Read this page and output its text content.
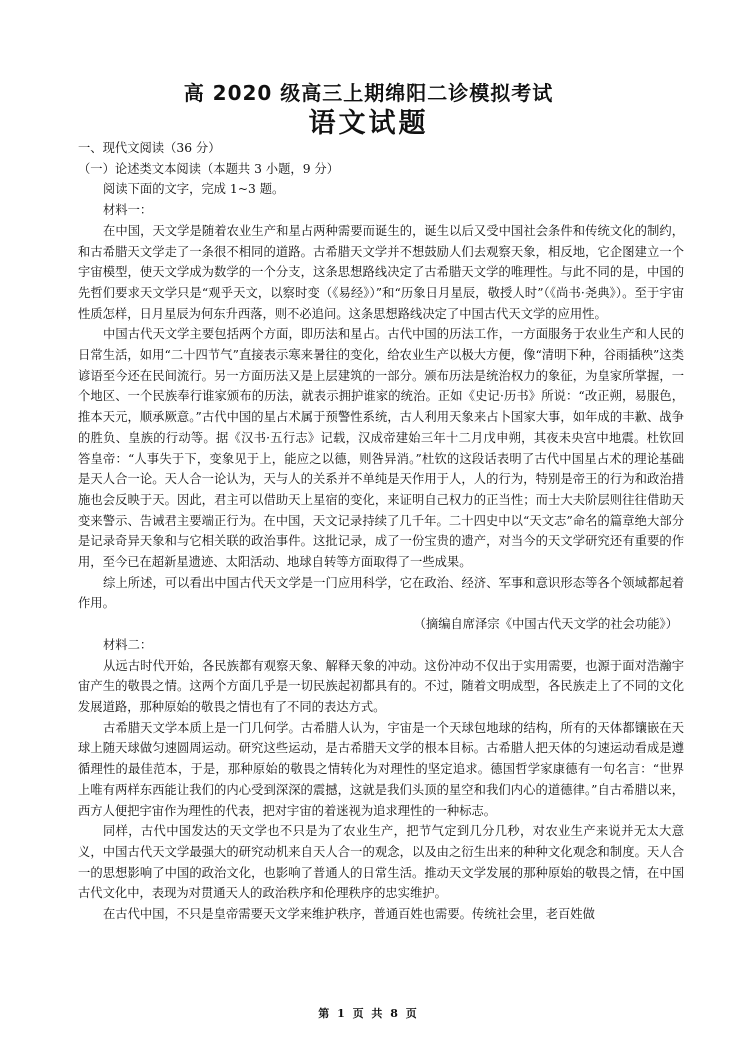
高 2020 级高三上期绵阳二诊模拟考试
语文试题

一、现代文阅读（36 分）

（一）论述类文本阅读（本题共 3 小题，9 分）

阅读下面的文字，完成 1~3 题。

材料一：

在中国，天文学是随着农业生产和星占两种需要而诞生的，诞生以后又受中国社会条件和传统文化的制约，和古希腊天文学走了一条很不相同的道路。古希腊天文学并不想鼓励人们去观察天象，相反地，它企图建立一个宇宙模型，使天文学成为数学的一个分支，这条思想路线决定了古希腊天文学的唯理性。与此不同的是，中国的先哲们要求天文学只是“观乎天文，以察时变（《易经》）”和“历象日月星辰，敬授人时”（《尚书·尧典》）。至于宇宙性质怎样，日月星辰为何东升西落，则不必追问。这条思想路线决定了中国古代天文学的应用性。

中国古代天文学主要包括两个方面，即历法和星占。古代中国的历法工作，一方面服务于农业生产和人民的日常生活，如用“二十四节气”直接表示寒来暑往的变化，给农业生产以极大方便，像“清明下种，谷雨插秧”这类谚语至今还在民间流行。另一方面历法又是上层建筑的一部分。颁布历法是统治权力的象征，为皇家所掌握，一个地区、一个民族奉行谁家颁布的历法，就表示拥护谁家的统治。正如《史记·历书》所说：“改正朔，易服色，推本天元，顺承厥意。”古代中国的星占术属于预警性系统，古人利用天象来占卜国家大事，如年成的丰歉、战争的胜负、皇族的行动等。据《汉书·五行志》记载，汉成帝建始三年十二月戊申朔，其夜未央宫中地震。杜钦回答皇帝：“人事失于下，变象见于上，能应之以德，则咎异消。”杜钦的这段话表明了古代中国星占术的理论基础是天人合一论。天人合一论认为，天与人的关系并不单纯是天作用于人，人的行为，特别是帝王的行为和政治措施也会反映于天。因此，君主可以借助天上星宿的变化，来证明自己权力的正当性；而士大夫阶层则往往借助天变来警示、告诫君主要端正行为。在中国，天文记录持续了几千年。二十四史中以“天文志”命名的篇章绝大部分是记录奇异天象和与它相关联的政治事件。这批记录，成了一份宝贵的遗产，对当今的天文学研究还有重要的作用，至今已在超新星遗迹、太阳活动、地球自转等方面取得了一些成果。

综上所述，可以看出中国古代天文学是一门应用科学，它在政治、经济、军事和意识形态等各个领域都起着作用。

（摘编自席泽宗《中国古代天文学的社会功能》）

材料二：

从远古时代开始，各民族都有观察天象、解释天象的冲动。这份冲动不仅出于实用需要，也源于面对浩瀚宇宙产生的敬畏之情。这两个方面几乎是一切民族起初都具有的。不过，随着文明成型，各民族走上了不同的文化发展道路，那种原始的敬畏之情也有了不同的表达方式。

古希腊天文学本质上是一门几何学。古希腊人认为，宇宙是一个天球包地球的结构，所有的天体都镶嵌在天球上随天球做匀速圆周运动。研究这些运动，是古希腊天文学的根本目标。古希腊人把天体的匀速运动看成是遵循理性的最佳范本，于是，那种原始的敬畏之情转化为对理性的坚定追求。德国哲学家康德有一句名言：“世界上唯有两样东西能让我们的内心受到深深的震撼，这就是我们头顶的星空和我们内心的道德律。”自古希腊以来，西方人便把宇宙作为理性的代表，把对宇宙的着迷视为追求理性的一种标志。

同样，古代中国发达的天文学也不只是为了农业生产，把节气定到几分几秒，对农业生产来说并无太大意义，中国古代天文学最强大的研究动机来自天人合一的观念，以及由之衍生出来的种种文化观念和制度。天人合一的思想影响了中国的政治文化，也影响了普通人的日常生活。推动天文学发展的那种原始的敬畏之情，在中国古代文化中，表现为对贯通天人的政治秩序和伦理秩序的忠实维护。

在古代中国，不只是皇帝需要天文学来维护秩序，普通百姓也需要。传统社会里，老百姓做

第 1 页 共 8 页
